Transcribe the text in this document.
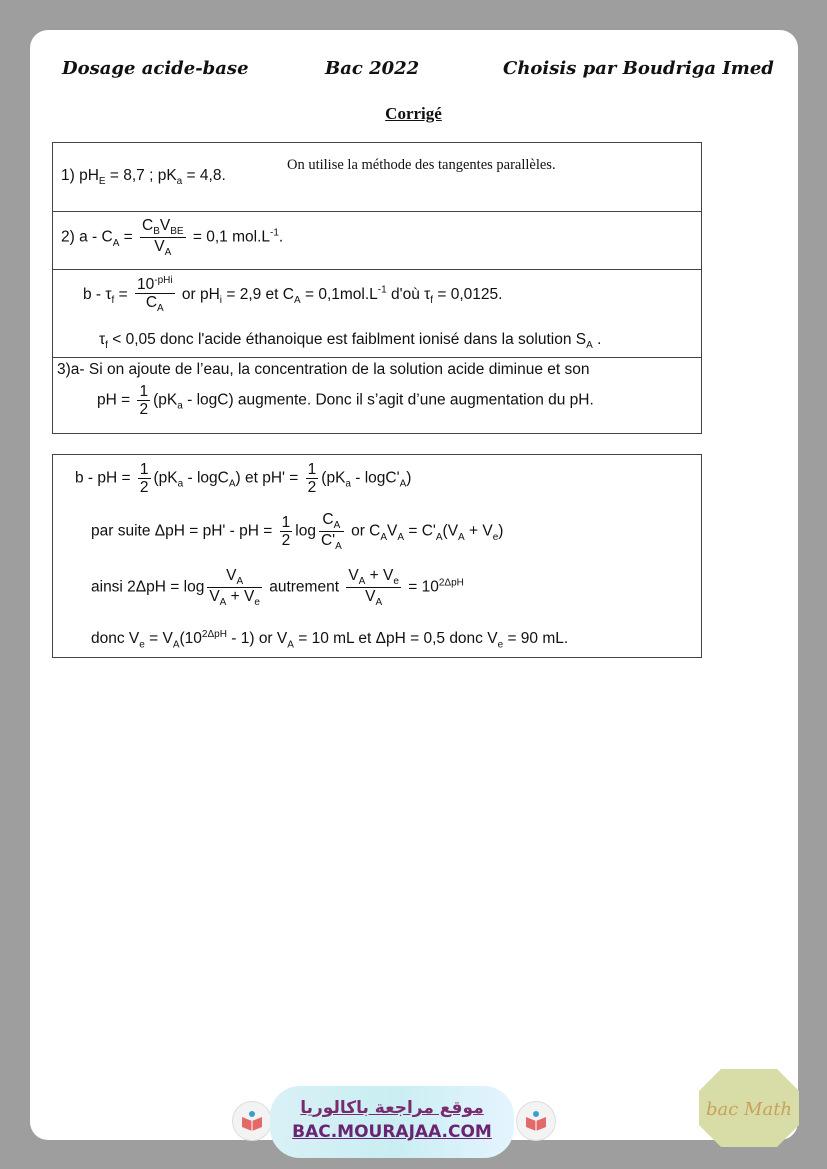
Dosage acide-base	Bac 2022	Choisis par Boudriga Imed
Corrigé
1) $pH_E = 8,7$ ; $pK_a = 4,8$.
On utilise la méthode des tangentes parallèles.
2) $a - C_A = \frac{C_BV_{BE}}{V_A} = 0,1$ $mol.L^{-1}$.
$b - \tau_f = \frac{10^{-pHi}}{C_A}$ or $pH_i = 2,9$ et $C_A = 0,1mol.L^{-1}$ d'où $\tau_f = 0,0125$.
$\tau_f < 0,05$ donc l'acide éthanoique est faiblment ionisé dans la solution $S_A$ .
3)a- Si on ajoute de l’eau, la concentration de la solution acide diminue et son
pH = $\frac{1}{2} (pK_a - \log C)$ augmente. Donc il s’agit d’une augmentation du pH.
b - pH = $\frac{1}{2} (pK_a - \log C_A)$ et $pH' = \frac{1}{2} (pK_a - \log C'_A)$
par suite ΔpH = pH' - pH = $\frac{1}{2}$ $\log \frac{C_A}{C'_A}$ or $C_AV_A = C'_A(V_A + V_e)$
ainsi $2\Delta pH = \log \frac{V_A}{V_A + V_e}$ autrement $\frac{V_A + V_e}{V_A} = 10^{2\Delta pH}$
donc $V_e = V_A(10^{2\Delta pH} - 1)$ or $V_A = 10$ mL et ΔpH = 0,5 donc $V_e = 90$ mL.
موقع مراجعة باكالوريا
BAC.MOURAJAA.COM
bac Math
